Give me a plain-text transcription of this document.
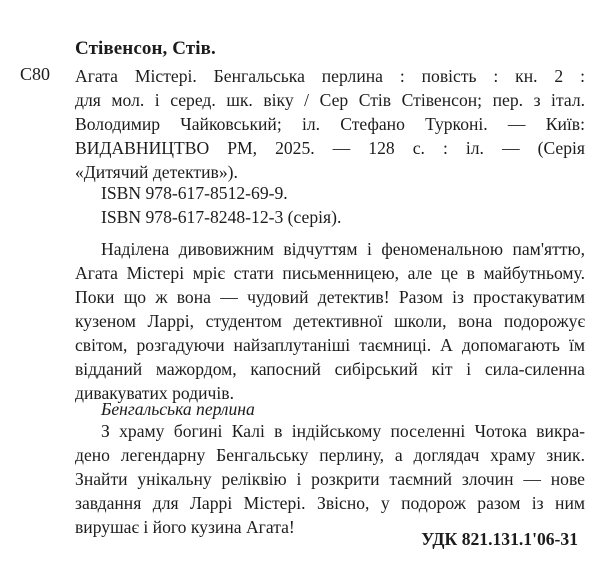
Стівенсон, Стів.
С80 Агата Містері. Бенгальська перлина : повість : кн. 2 :
для мол. і серед. шк. віку / Сер Стів Стівенсон; пер. з італ.
Володимир Чайковський; іл. Стефано Турконі. — Київ:
ВИДАВНИЦТВО РМ, 2025. — 128 с. : іл. — (Серія
«Дитячий детектив»).
ISBN 978-617-8512-69-9.
ISBN 978-617-8248-12-3 (серія).
Наділена дивовижним відчуттям і феноменальною пам'яттю,
Агата Містері мріє стати письменницею, але це в майбутньому.
Поки що ж вона — чудовий детектив! Разом із простакуватим
кузеном Ларрі, студентом детективної школи, вона подорожує
світом, розгадуючи найзаплутаніші таємниці. А допомагають їм
відданий мажордом, капосний сибірський кіт і сила-силенна
дивакуватих родичів.
Бенгальська перлина
З храму богині Калі в індійському поселенні Чотока викра-
дено легендарну Бенгальську перлину, а доглядач храму зник.
Знайти унікальну реліквію і розкрити таємний злочин — нове
завдання для Ларрі Містері. Звісно, у подорож разом із ним
вирушає і його кузина Агата!
УДК 821.131.1'06-31
